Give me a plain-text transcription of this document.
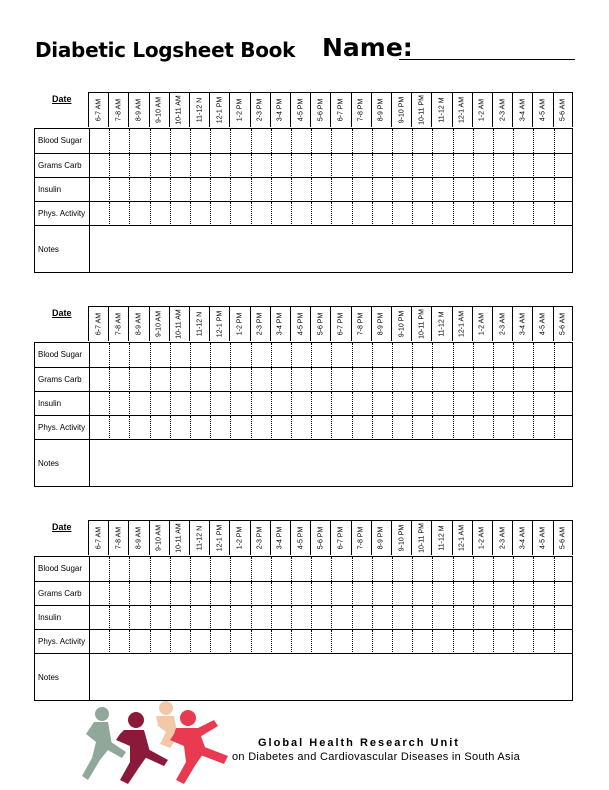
Diabetic Logsheet Book Name:
Date	6-7 AM 7-8 AM 8-9 AM 9-10 AM 10-11 AM 11-12 N 12-1 PM 1-2 PM 2-3 PM 3-4 PM 4-5 PM 5-6 PM 6-7 PM 7-8 PM 8-9 PM 9-10 PM 10-11 PM 11-12 M 12-1 AM 1-2 AM 2-3 AM 3-4 AM 4-5 AM 5-6 AM
Blood Sugar
Grams Carb
Insulin
Phys. Activity
Notes
Date	6-7 AM 7-8 AM 8-9 AM 9-10 AM 10-11 AM 11-12 N 12-1 PM 1-2 PM 2-3 PM 3-4 PM 4-5 PM 5-6 PM 6-7 PM 7-8 PM 8-9 PM 9-10 PM 10-11 PM 11-12 M 12-1 AM 1-2 AM 2-3 AM 3-4 AM 4-5 AM 5-6 AM
Blood Sugar
Grams Carb
Insulin
Phys. Activity
Notes
Date	6-7 AM 7-8 AM 8-9 AM 9-10 AM 10-11 AM 11-12 N 12-1 PM 1-2 PM 2-3 PM 3-4 PM 4-5 PM 5-6 PM 6-7 PM 7-8 PM 8-9 PM 9-10 PM 10-11 PM 11-12 M 12-1 AM 1-2 AM 2-3 AM 3-4 AM 4-5 AM 5-6 AM
Blood Sugar
Grams Carb
Insulin
Phys. Activity
Notes
Global Health Research Unit
on Diabetes and Cardiovascular Diseases in South Asia
